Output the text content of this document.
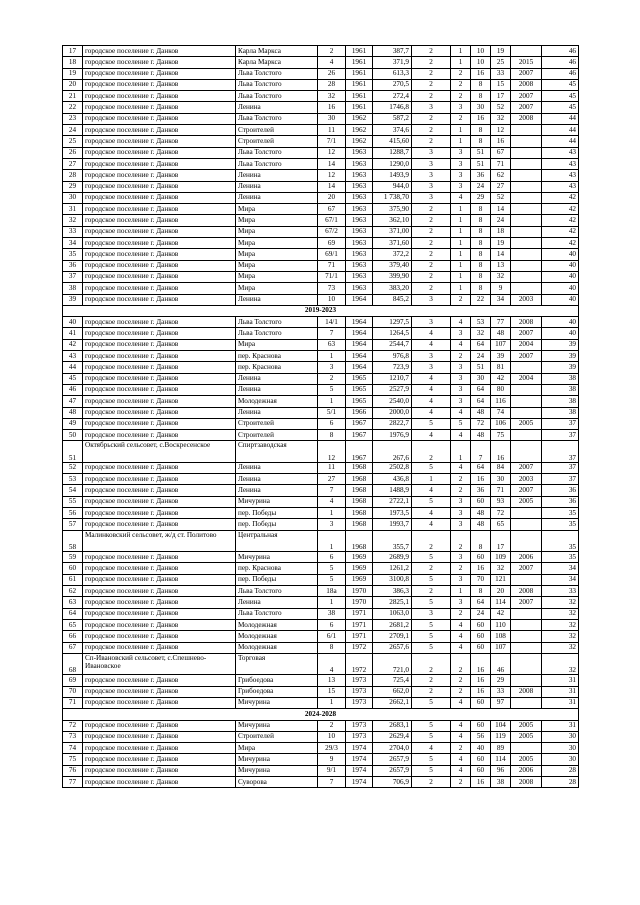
17	городское поселение г. Данков	Карла Маркса	2	1961	387,7	2	1	10	19		46
18	городское поселение г. Данков	Карла Маркса	4	1961	371,9	2	1	10	25	2015	46
19	городское поселение г. Данков	Льва Толстого	26	1961	613,3	2	2	16	33	2007	46
20	городское поселение г. Данков	Льва Толстого	28	1961	270,5	2	2	8	15	2008	45
21	городское поселение г. Данков	Льва Толстого	32	1961	272,4	2	2	8	17	2007	45
22	городское поселение г. Данков	Ленина	16	1961	1746,8	3	3	30	52	2007	45
23	городское поселение г. Данков	Льва Толстого	30	1962	587,2	2	2	16	32	2008	44
24	городское поселение г. Данков	Строителей	11	1962	374,6	2	1	8	12		44
25	городское поселение г. Данков	Строителей	7/1	1962	415,60	2	1	8	16		44
26	городское поселение г. Данков	Льва Толстого	12	1963	1288,7	3	3	51	67		43
27	городское поселение г. Данков	Льва Толстого	14	1963	1290,0	3	3	51	71		43
28	городское поселение г. Данков	Ленина	12	1963	1493,9	3	3	36	62		43
29	городское поселение г. Данков	Ленина	14	1963	944,0	3	3	24	27		43
30	городское поселение г. Данков	Ленина	20	1963	1 738,70	3	4	29	52		42
31	городское поселение г. Данков	Мира	67	1963	375,90	2	1	8	14		42
32	городское поселение г. Данков	Мира	67/1	1963	362,10	2	1	8	24		42
33	городское поселение г. Данков	Мира	67/2	1963	371,00	2	1	8	18		42
34	городское поселение г. Данков	Мира	69	1963	371,60	2	1	8	19		42
35	городское поселение г. Данков	Мира	69/1	1963	372,2	2	1	8	14		40
36	городское поселение г. Данков	Мира	71	1963	379,40	2	1	8	13		40
37	городское поселение г. Данков	Мира	71/1	1963	399,90	2	1	8	32		40
38	городское поселение г. Данков	Мира	73	1963	383,20	2	1	8	9		40
39	городское поселение г. Данков	Ленина	10	1964	845,2	3	2	22	34	2003	40
2019-2023											
40	городское поселение г. Данков	Льва Толстого	14/1	1964	1297,5	3	4	53	77	2008	40
41	городское поселение г. Данков	Льва Толстого	7	1964	1264,5	4	3	32	48	2007	40
42	городское поселение г. Данков	Мира	63	1964	2544,7	4	4	64	107	2004	39
43	городское поселение г. Данков	пер. Краснова	1	1964	976,8	3	2	24	39	2007	39
44	городское поселение г. Данков	пер. Краснова	3	1964	723,9	3	3	51	81		39
45	городское поселение г. Данков	Ленина	2	1965	1210,7	4	3	30	42	2004	38
46	городское поселение г. Данков	Ленина	5	1965	2527,9	4	3	64	80		38
47	городское поселение г. Данков	Молодежная	1	1965	2540,0	4	3	64	116		38
48	городское поселение г. Данков	Ленина	5/1	1966	2000,0	4	4	48	74		38
49	городское поселение г. Данков	Строителей	6	1967	2822,7	5	5	72	106	2005	37
50	городское поселение г. Данков	Строителей	8	1967	1976,9	4	4	48	75		37
51	Октябрьский сельсовет, с.Воскресенское	Спиртзаводская	12	1967	267,6	2	1	7	16		37
52	городское поселение г. Данков	Ленина	11	1968	2502,8	5	4	64	84	2007	37
53	городское поселение г. Данков	Ленина	27	1968	436,8	1	2	16	30	2003	37
54	городское поселение г. Данков	Ленина	7	1968	1488,9	4	2	36	71	2007	36
55	городское поселение г. Данков	Мичурина	4	1968	2722,1	5	3	60	93	2005	36
56	городское поселение г. Данков	пер. Победы	1	1968	1973,5	4	3	48	72		35
57	городское поселение г. Данков	пер. Победы	3	1968	1993,7	4	3	48	65		35
58	Малинковский сельсовет, ж/д ст. Политово	Центральная	1	1968	355,7	2	2	8	17		35
59	городское поселение г. Данков	Мичурина	6	1969	2689,9	5	3	60	109	2006	35
60	городское поселение г. Данков	пер. Краснова	5	1969	1261,2	2	2	16	32	2007	34
61	городское поселение г. Данков	пер. Победы	5	1969	3100,8	5	3	70	121		34
62	городское поселение г. Данков	Льва Толстого	18а	1970	386,3	2	1	8	20	2008	33
63	городское поселение г. Данков	Ленина	1	1970	2825,1	5	3	64	114	2007	32
64	городское поселение г. Данков	Льва Толстого	38	1971	1063,0	3	2	24	42		32
65	городское поселение г. Данков	Молодежная	6	1971	2681,2	5	4	60	110		32
66	городское поселение г. Данков	Молодежная	6/1	1971	2709,1	5	4	60	108		32
67	городское поселение г. Данков	Молодежная	8	1972	2657,6	5	4	60	107		32
68	Сп-Ивановский сельсовет, с.Спешнево-Ивановское	Торговая	4	1972	721,0	2	2	16	46		32
69	городское поселение г. Данков	Грибоедова	13	1973	725,4	2	2	16	29		31
70	городское поселение г. Данков	Грибоедова	15	1973	662,0	2	2	16	33	2008	31
71	городское поселение г. Данков	Мичурина	1	1973	2662,1	5	4	60	97		31
2024-2028											
72	городское поселение г. Данков	Мичурина	2	1973	2683,1	5	4	60	104	2005	31
73	городское поселение г. Данков	Строителей	10	1973	2629,4	5	4	56	119	2005	30
74	городское поселение г. Данков	Мира	29/3	1974	2704,0	4	2	40	89		30
75	городское поселение г. Данков	Мичурина	9	1974	2657,9	5	4	60	114	2005	30
76	городское поселение г. Данков	Мичурина	9/1	1974	2657,9	5	4	60	96	2006	28
77	городское поселение г. Данков	Суворова	7	1974	706,9	2	2	16	38	2008	28
